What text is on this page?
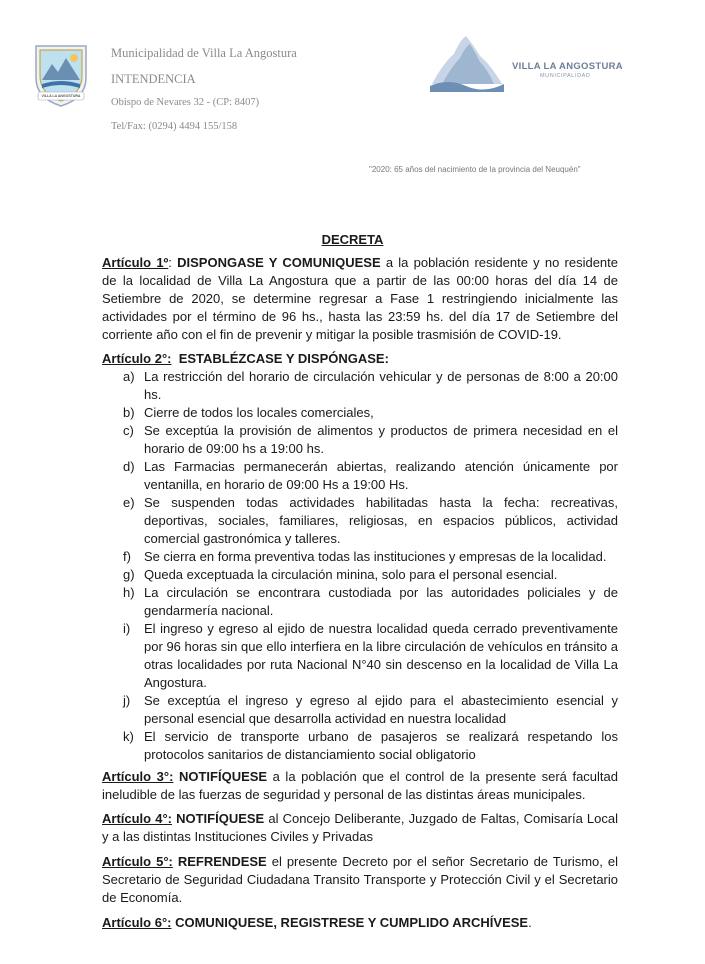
VILLA LA ANGOSTURA
Municipalidad de Villa La Angostura
INTENDENCIA
Obispo de Nevares 32 - (CP: 8407)
Tel/Fax: (0294) 4494 155/158
VILLA LA ANGOSTURA
MUNICIPALIDAD
"2020: 65 años del nacimiento de la provincia del Neuquén"
DECRETA
Artículo 1º: DISPONGASE Y COMUNIQUESE a la población residente y no residente de la localidad de Villa La Angostura que a partir de las 00:00 horas del día 14 de Setiembre de 2020, se determine regresar a Fase 1 restringiendo inicialmente las actividades por el término de 96 hs., hasta las 23:59 hs. del día 17 de Setiembre del corriente año con el fin de prevenir y mitigar la posible trasmisión de COVID-19.
Artículo 2°:  ESTABLÉZCASE Y DISPÓNGASE:
a) La restricción del horario de circulación vehicular y de personas de 8:00 a 20:00 hs.
b) Cierre de todos los locales comerciales,
c) Se exceptúa la provisión de alimentos y productos de primera necesidad en el horario de 09:00 hs a 19:00 hs.
d) Las Farmacias permanecerán abiertas, realizando atención únicamente por ventanilla, en horario de 09:00 Hs a 19:00 Hs.
e) Se suspenden todas actividades habilitadas hasta la fecha: recreativas, deportivas, sociales, familiares, religiosas, en espacios públicos, actividad comercial gastronómica y talleres.
f) Se cierra en forma preventiva todas las instituciones y empresas de la localidad.
g) Queda exceptuada la circulación minina, solo para el personal esencial.
h) La circulación se encontrara custodiada por las autoridades policiales y de gendarmería nacional.
i) El ingreso y egreso al ejido de nuestra localidad queda cerrado preventivamente por 96 horas sin que ello interfiera en la libre circulación de vehículos en tránsito a otras localidades por ruta Nacional N°40 sin descenso en la localidad de Villa La Angostura.
j) Se exceptúa el ingreso y egreso al ejido para el abastecimiento esencial y personal esencial que desarrolla actividad en nuestra localidad
k) El servicio de transporte urbano de pasajeros se realizará respetando los protocolos sanitarios de distanciamiento social obligatorio
Artículo 3°: NOTIFÍQUESE a la población que el control de la presente será facultad ineludible de las fuerzas de seguridad y personal de las distintas áreas municipales.
Artículo 4°: NOTIFÍQUESE al Concejo Deliberante, Juzgado de Faltas, Comisaría Local y a las distintas Instituciones Civiles y Privadas
Artículo 5°: REFRENDESE el presente Decreto por el señor Secretario de Turismo, el Secretario de Seguridad Ciudadana Transito Transporte y Protección Civil y el Secretario de Economía.
Artículo 6°: COMUNIQUESE, REGISTRESE Y CUMPLIDO ARCHÍVESE.
